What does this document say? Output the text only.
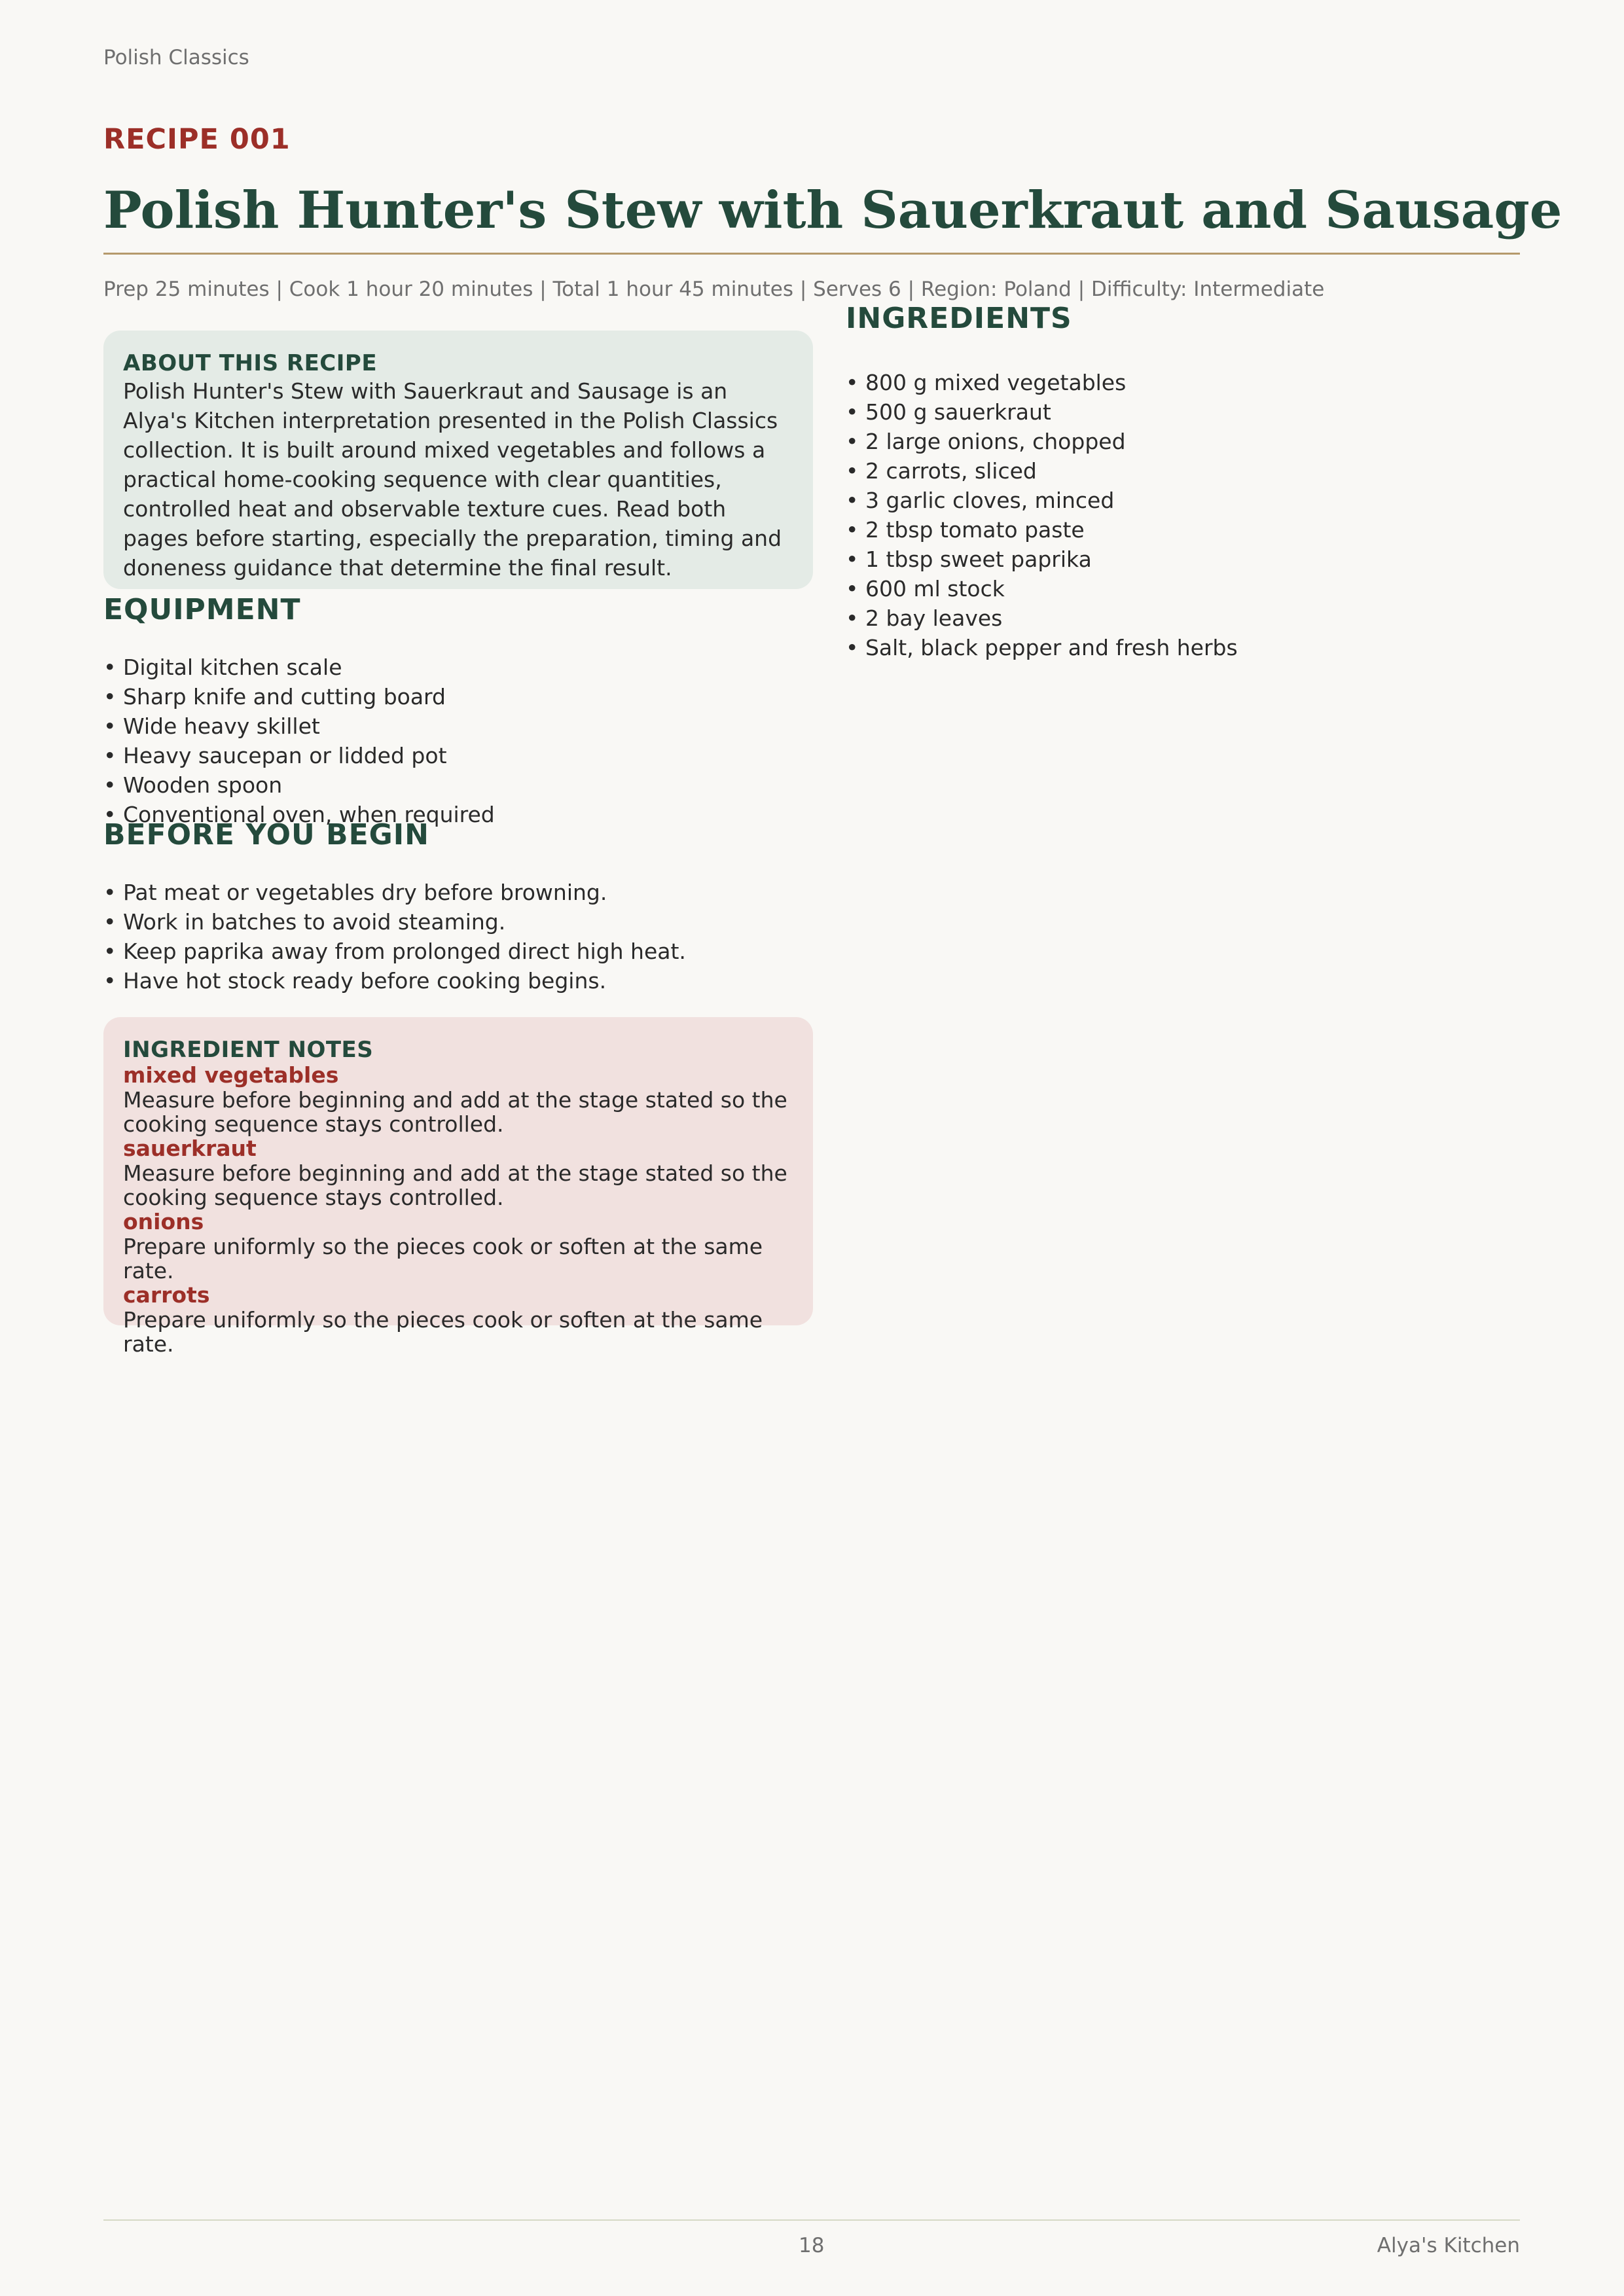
Polish Classics
RECIPE 001
Polish Hunter's Stew with Sauerkraut and Sausage
Prep 25 minutes | Cook 1 hour 20 minutes | Total 1 hour 45 minutes | Serves 6 | Region: Poland | Difficulty: Intermediate
ABOUT THIS RECIPE
Polish Hunter's Stew with Sauerkraut and Sausage is an Alya's Kitchen interpretation presented in the Polish Classics collection. It is built around mixed vegetables and follows a practical home-cooking sequence with clear quantities, controlled heat and observable texture cues. Read both pages before starting, especially the preparation, timing and doneness guidance that determine the final result.
EQUIPMENT
• Digital kitchen scale
• Sharp knife and cutting board
• Wide heavy skillet
• Heavy saucepan or lidded pot
• Wooden spoon
• Conventional oven, when required
BEFORE YOU BEGIN
• Pat meat or vegetables dry before browning.
• Work in batches to avoid steaming.
• Keep paprika away from prolonged direct high heat.
• Have hot stock ready before cooking begins.
INGREDIENT NOTES
mixed vegetables
Measure before beginning and add at the stage stated so the cooking sequence stays controlled.
sauerkraut
Measure before beginning and add at the stage stated so the cooking sequence stays controlled.
onions
Prepare uniformly so the pieces cook or soften at the same rate.
carrots
Prepare uniformly so the pieces cook or soften at the same rate.
INGREDIENTS
• 800 g mixed vegetables
• 500 g sauerkraut
• 2 large onions, chopped
• 2 carrots, sliced
• 3 garlic cloves, minced
• 2 tbsp tomato paste
• 1 tbsp sweet paprika
• 600 ml stock
• 2 bay leaves
• Salt, black pepper and fresh herbs
18	Alya's Kitchen
